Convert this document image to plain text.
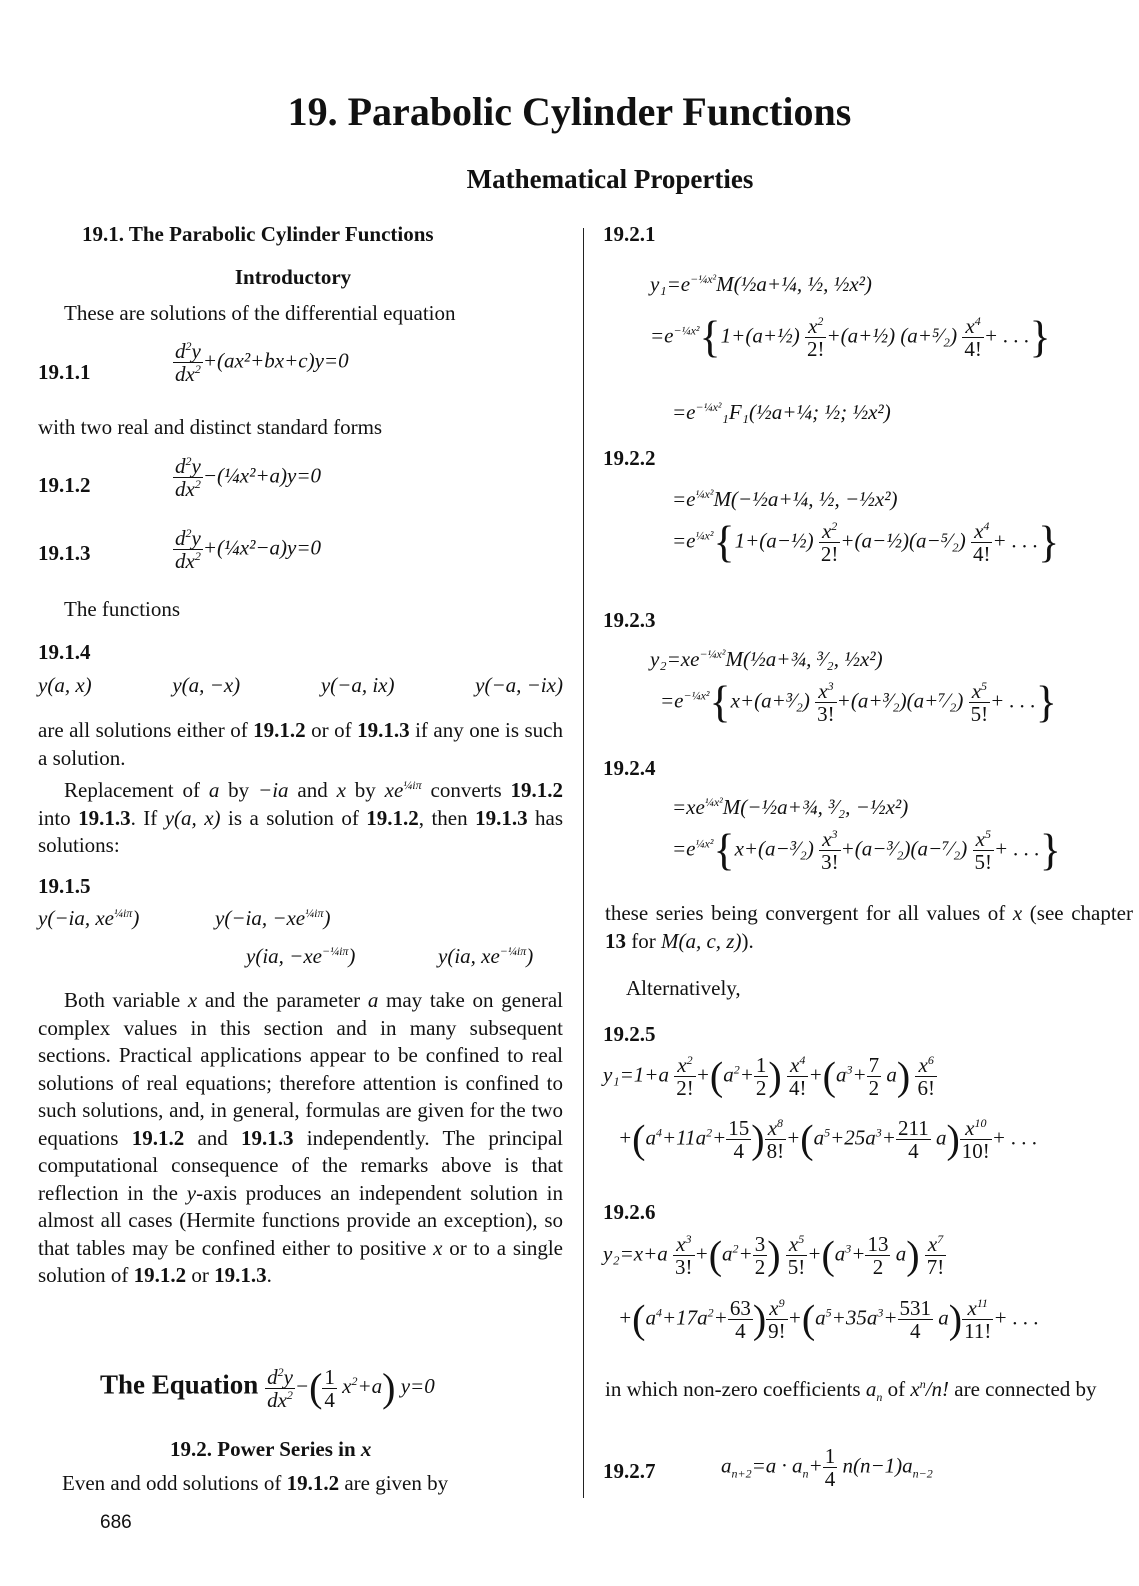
19. Parabolic Cylinder Functions
Mathematical Properties
19.1. The Parabolic Cylinder Functions
Introductory
These are solutions of the differential equation
19.1.1	$\frac{d^2y}{dx^2} +(ax^2+bx+c)y=0$
with two real and distinct standard forms
19.1.2	$\frac{d^2y}{dx^2}$ −(¼x²+a)y=0
19.1.3	$\frac{d^2y}{dx^2}$ +(¼x²−a)y=0
The functions
19.1.4
y(a, x)	y(a, −x)	y(−a, ix)	y(−a, −ix)
are all solutions either of 19.1.2 or of 19.1.3 if any one is such a solution.
Replacement of a by −ia and x by $xe^{\frac{1}{4}i\pi}$ converts 19.1.2 into 19.1.3. If y(a, x) is a solution of 19.1.2, then 19.1.3 has solutions:
19.1.5
y(−ia, $xe^{\frac{1}{4}i\pi}$)	y(−ia, $-xe^{\frac{1}{4}i\pi}$)
y(ia, $-xe^{-\frac{1}{4}i\pi}$)	y(ia, $xe^{-\frac{1}{4}i\pi}$)
Both variable x and the parameter a may take on general complex values in this section and in many subsequent sections. Practical applications appear to be confined to real solutions of real equations; therefore attention is confined to such solutions, and, in general, formulas are given for the two equations 19.1.2 and 19.1.3 independently. The principal computational consequence of the remarks above is that reflection in the y-axis produces an independent solution in almost all cases (Hermite functions provide an exception), so that tables may be confined either to positive x or to a single solution of 19.1.2 or 19.1.3.
The Equation $\frac{d^2y}{dx^2}$ −( $\frac{1}{4} x^2+a$) y=0
19.2. Power Series in x
Even and odd solutions of 19.1.2 are given by
19.2.1
$y_1=e^{-\frac{1}{4}x^2}M(\frac{1}{2}a+\frac{1}{4}$, ½, ½x²)
$=e^{-\frac{1}{4}x^2}\{1+(a+\frac{1}{2}) \frac{x^2}{2!}$ +(a+½) (a+⁵⁄₂) $\frac{x^4}{4!}$ + . . .}
$=e^{-\frac{1}{4}x^2}_1F_1(\frac{1}{2}a+\frac{1}{4}$; ½; ½x²)
19.2.2
$=e^{\frac{1}{4}x^2}M(-\frac{1}{2}a+\frac{1}{4}$, ½, −½x²)
$=e^{\frac{1}{4}x^2}\{1+(a-\frac{1}{2}) \frac{x^2}{2!}$ +(a−½)(a−⁵⁄₂) $\frac{x^4}{4!}$ + . . .}
19.2.3
$y_2=xe^{-\frac{1}{4}x^2}M(\frac{1}{2}a+\frac{3}{4}$, ³⁄₂, ½x²)
$=e^{-\frac{1}{4}x^2}\{x+(a+^3⁄_2) \frac{x^3}{3!}$ +(a+³⁄₂)(a+⁷⁄₂) $\frac{x^5}{5!}$ + . . .}
19.2.4
$=xe^{\frac{1}{4}x^2}M(-\frac{1}{2}a+\frac{3}{4}$, ³⁄₂, −½x²)
$=e^{\frac{1}{4}x^2}\{x+(a-^3⁄_2) \frac{x^3}{3!}$ +(a−³⁄₂)(a−⁷⁄₂) $\frac{x^5}{5!}$ + . . .}
these series being convergent for all values of x (see chapter 13 for M(a, c, z)).
Alternatively,
19.2.5
$y_1=1+a \frac{x^2}{2!} +(a^2+ \frac{1}{2}$ ) $\frac{x^4}{4!} +(a^3+ \frac{7}{2} a) \frac{x^6}{6!}$
$+(a^4+11a^2+ \frac{15}{4}$ ) $\frac{x^8}{8!} +(a^5+25a^3+ \frac{211}{4} a) \frac{x^{10}}{10!}$ + . . .
19.2.6
$y_2=x+a \frac{x^3}{3!} +(a^2+ \frac{3}{2}$ ) $\frac{x^5}{5!} +(a^3+ \frac{13}{2} a) \frac{x^7}{7!}$
$+(a^4+17a^2+ \frac{63}{4}$ ) $\frac{x^9}{9!} +(a^5+35a^3+ \frac{531}{4} a) \frac{x^{11}}{11!}$ + . . .
in which non-zero coefficients $a_n$ of $x^n/n$! are connected by
19.2.7	$a_{n+2}=a \cdot a_n+ \frac{1}{4} n(n-1)a_{n-2}$
686
